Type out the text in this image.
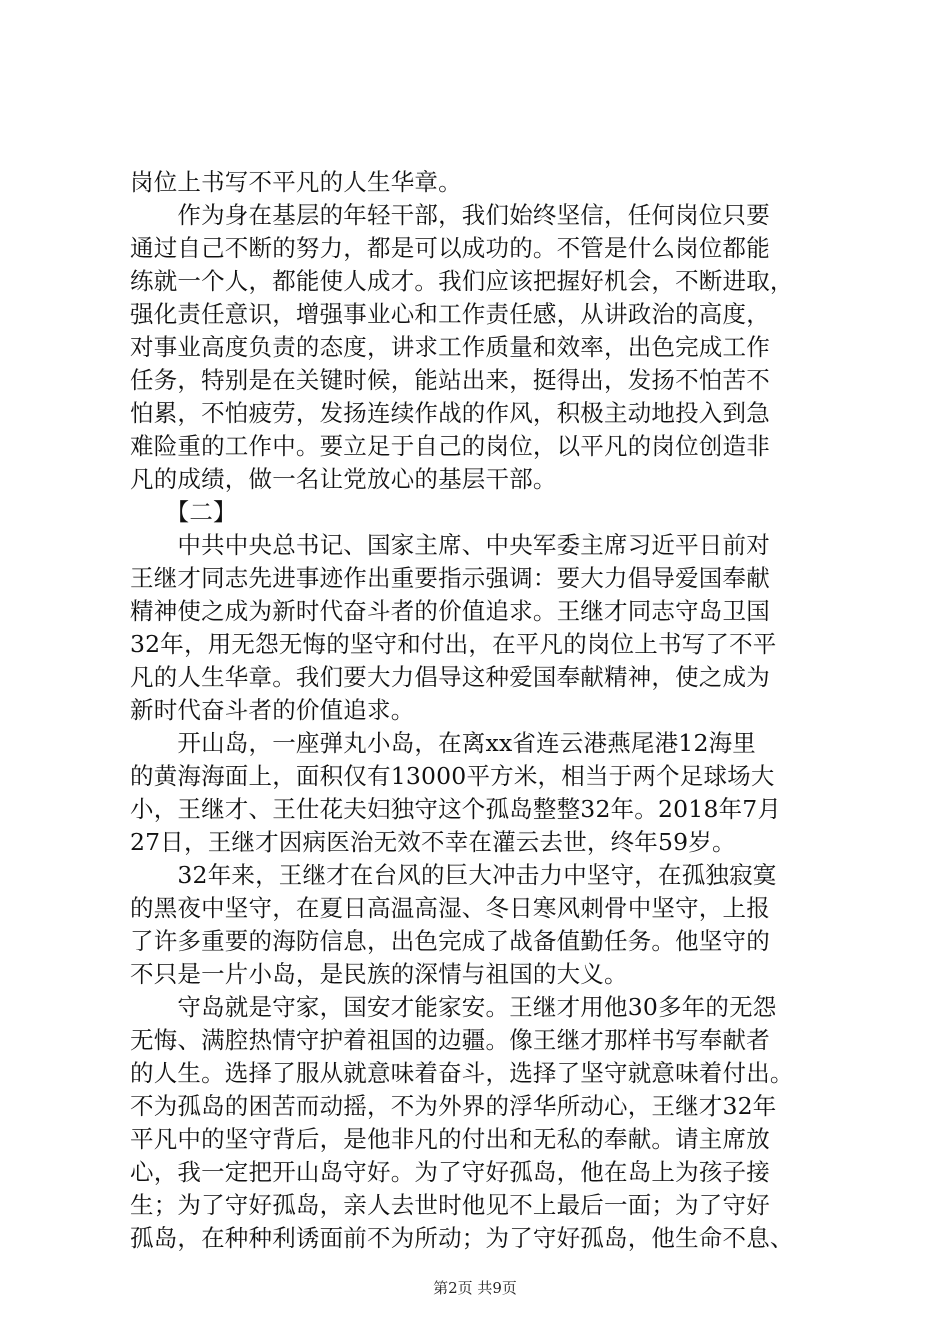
岗位上书写不平凡的人生华章。
　　作为身在基层的年轻干部，我们始终坚信，任何岗位只要
通过自己不断的努力，都是可以成功的。不管是什么岗位都能
练就一个人，都能使人成才。我们应该把握好机会，不断进取，
强化责任意识，增强事业心和工作责任感，从讲政治的高度，
对事业高度负责的态度，讲求工作质量和效率，出色完成工作
任务，特别是在关键时候，能站出来，挺得出，发扬不怕苦不
怕累，不怕疲劳，发扬连续作战的作风，积极主动地投入到急
难险重的工作中。要立足于自己的岗位，以平凡的岗位创造非
凡的成绩，做一名让党放心的基层干部。
　　【二】
　　中共中央总书记、国家主席、中央军委主席习近平日前对
王继才同志先进事迹作出重要指示强调：要大力倡导爱国奉献
精神使之成为新时代奋斗者的价值追求。王继才同志守岛卫国
32年，用无怨无悔的坚守和付出，在平凡的岗位上书写了不平
凡的人生华章。我们要大力倡导这种爱国奉献精神，使之成为
新时代奋斗者的价值追求。
　　开山岛，一座弹丸小岛，在离xx省连云港燕尾港12海里
的黄海海面上，面积仅有13000平方米，相当于两个足球场大
小，王继才、王仕花夫妇独守这个孤岛整整32年。2018年7月
27日，王继才因病医治无效不幸在灌云去世，终年59岁。
　　32年来，王继才在台风的巨大冲击力中坚守，在孤独寂寞
的黑夜中坚守，在夏日高温高湿、冬日寒风刺骨中坚守，上报
了许多重要的海防信息，出色完成了战备值勤任务。他坚守的
不只是一片小岛，是民族的深情与祖国的大义。
　　守岛就是守家，国安才能家安。王继才用他30多年的无怨
无悔、满腔热情守护着祖国的边疆。像王继才那样书写奉献者
的人生。选择了服从就意味着奋斗，选择了坚守就意味着付出。
不为孤岛的困苦而动摇，不为外界的浮华所动心，王继才32年
平凡中的坚守背后，是他非凡的付出和无私的奉献。请主席放
第2页 共9页
心，我一定把开山岛守好。为了守好孤岛，他在岛上为孩子接
生；为了守好孤岛，亲人去世时他见不上最后一面；为了守好
孤岛，在种种利诱面前不为所动；为了守好孤岛，他生命不息、
